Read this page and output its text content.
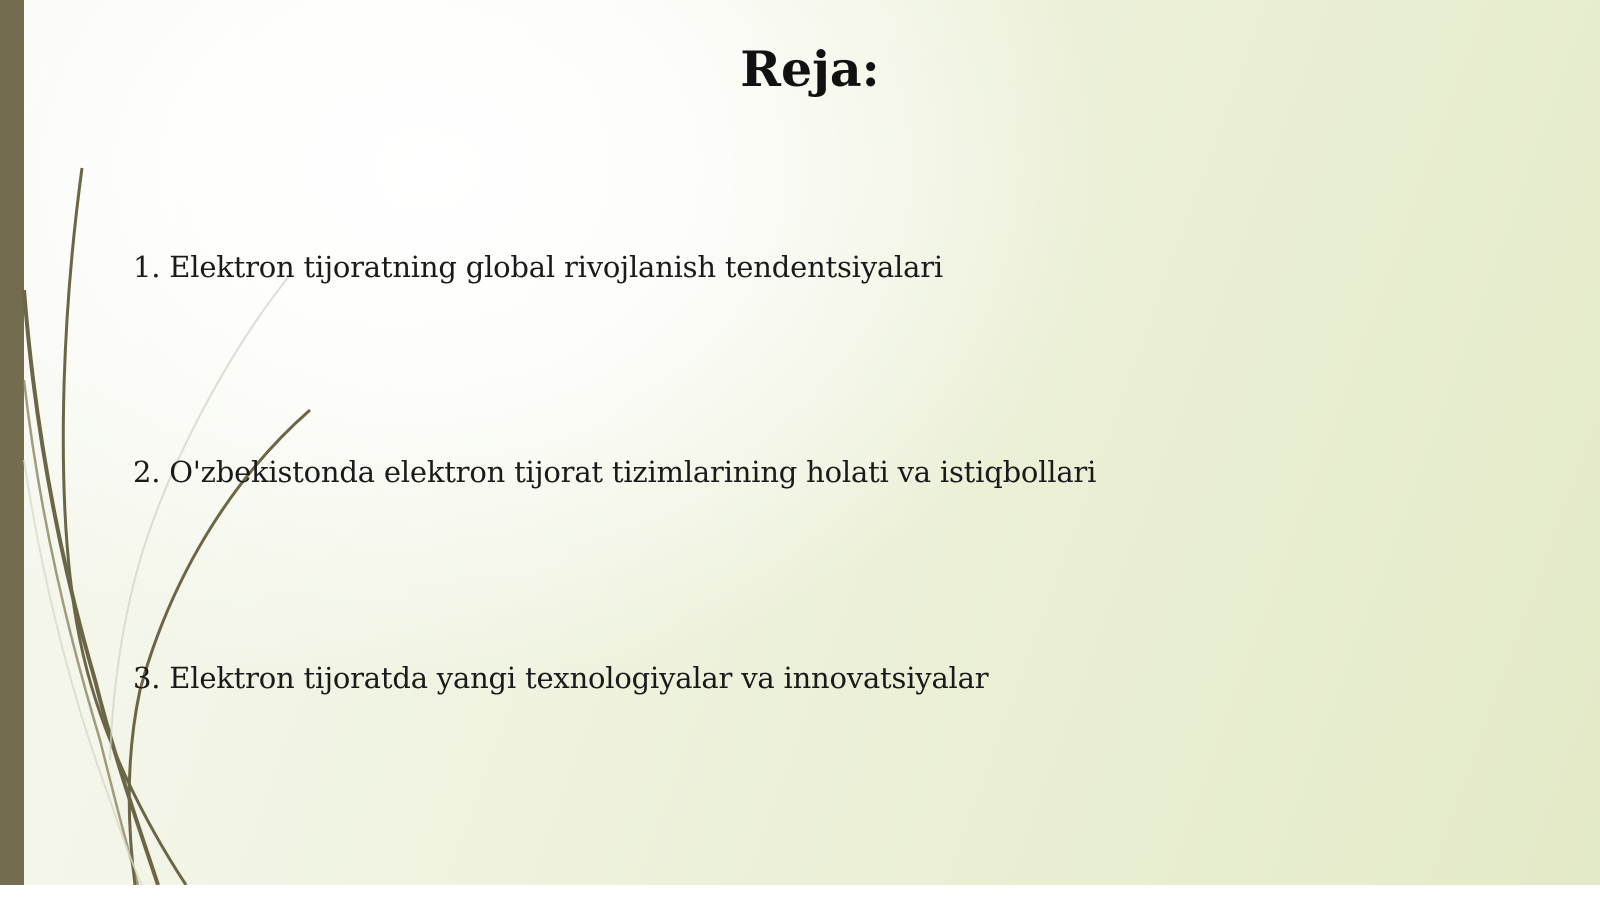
Reja:
1. Elektron tijoratning global rivojlanish tendentsiyalari
2. O'zbekistonda elektron tijorat tizimlarining holati va istiqbollari
3. Elektron tijoratda yangi texnologiyalar va innovatsiyalar
